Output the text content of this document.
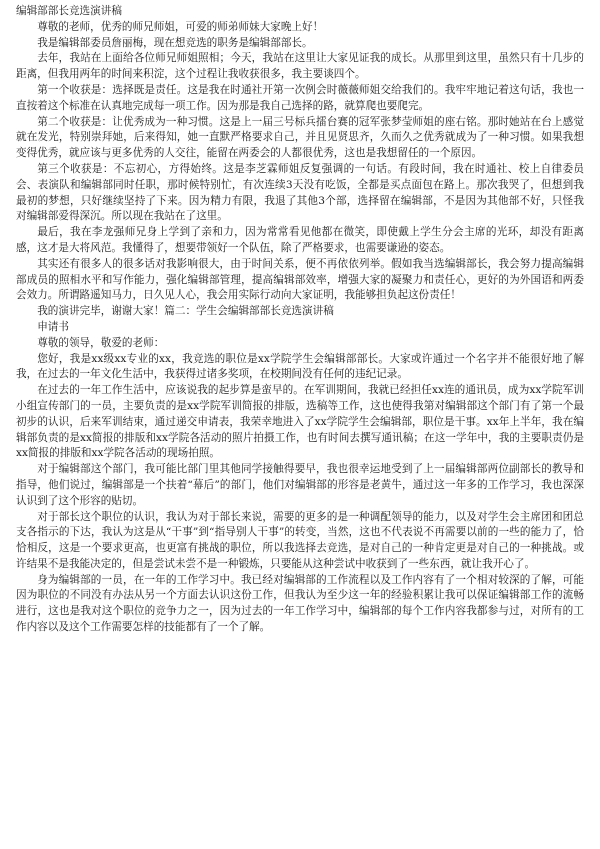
编辑部部长竞选演讲稿

尊敬的老师，优秀的师兄师姐，可爱的师弟师妹大家晚上好！

我是编辑部委员詹丽梅，现在想竞选的职务是编辑部部长。

去年，我站在上面给各位师兄师姐照相；今天，我站在这里让大家见证我的成长。从那里到这里，虽然只有十几步的距离，但我用两年的时间来积淀，这个过程让我收获很多，我主要谈四个。

第一个收获是：选择既是责任。这是我在时通社开第一次例会时薇薇师姐交给我们的。我牢牢地记着这句话，我也一直按着这个标准在认真地完成每一项工作。因为那是我自己选择的路，就算爬也要爬完。

第二个收获是：让优秀成为一种习惯。这是上一届三号标兵擂台赛的冠军张梦莹师姐的座右铭。那时她站在台上感觉就在发光，特别崇拜她，后来得知，她一直默严格要求自己，并且见贤思齐，久而久之优秀就成为了一种习惯。如果我想变得优秀，就应该与更多优秀的人交往，能留在两委会的人都很优秀，这也是我想留任的一个原因。

第三个收获是：不忘初心，方得始终。这是李芝霖师姐反复强调的一句话。有段时间，我在时通社、校上自律委员会、表演队和编辑部同时任职，那时候特别忙，有次连续3天没有吃饭，全都是买点面包在路上。那次我哭了，但想到我最初的梦想，只好继续坚持了下来。因为精力有限，我退了其他3个部，选择留在编辑部，不是因为其他部不好，只怪我对编辑部爱得深沉。所以现在我站在了这里。

最后，我在李龙强师兄身上学到了亲和力，因为常常看见他都在微笑，即使戴上学生分会主席的光环，却没有距离感，这才是大将风范。我懂得了，想要带领好一个队伍，除了严格要求，也需要谦逊的姿态。

其实还有很多人的很多话对我影响很大，由于时间关系，便不再依依列举。假如我当选编辑部长，我会努力提高编辑部成员的照相水平和写作能力，强化编辑部管理，提高编辑部效率，增强大家的凝聚力和责任心，更好的为外国语和两委会效力。所谓路遥知马力，日久见人心，我会用实际行动向大家证明，我能够担负起这份责任！

我的演讲完毕，谢谢大家！篇二：学生会编辑部部长竞选演讲稿

申请书

尊敬的领导，敬爱的老师：

您好，我是xx级xx专业的xx，我竞选的职位是xx学院学生会编辑部部长。大家或许通过一个名字并不能很好地了解我，在过去的一年文化生活中，我获得过诸多奖项，在校期间没有任何的违纪记录。

在过去的一年工作生活中，应该说我的起步算是蛮早的。在军训期间，我就已经担任xx连的通讯员，成为xx学院军训小组宣传部门的一员，主要负责的是xx学院军训简报的排版，选稿等工作，这也使得我第对编辑部这个部门有了第一个最初步的认识，后来军训结束，通过递交申请表，我荣幸地进入了xx学院学生会编辑部，职位是干事。xx年上半年，我在编辑部负责的是xx简报的排版和xx学院各活动的照片拍摄工作，也有时间去撰写通讯稿；在这一学年中，我的主要职责仍是xx简报的排版和xx学院各活动的现场拍照。

对于编辑部这个部门，我可能比部门里其他同学接触得要早，我也很幸运地受到了上一届编辑部两位副部长的教导和指导，他们说过，编辑部是一个扶着“幕后”的部门，他们对编辑部的形容是老黄牛，通过这一年多的工作学习，我也深深认识到了这个形容的贴切。

对于部长这个职位的认识，我认为对于部长来说，需要的更多的是一种调配领导的能力，以及对学生会主席团和团总支各指示的下达，我认为这是从“干事”到“指导别人干事”的转变，当然，这也不代表说不再需要以前的一些的能力了，恰恰相反，这是一个要求更高，也更富有挑战的职位，所以我选择去竞选，是对自己的一种肯定更是对自己的一种挑战。或许结果不是我能决定的，但是尝试未尝不是一种锻炼，只要能从这种尝试中收获到了一些东西，就让我开心了。

身为编辑部的一员，在一年的工作学习中。我已经对编辑部的工作流程以及工作内容有了一个相对较深的了解，可能因为职位的不同没有办法从另一个方面去认识这份工作，但我认为至少这一年的经验积累让我可以保证编辑部工作的流畅进行，这也是我对这个职位的竞争力之一，因为过去的一年工作学习中，编辑部的每个工作内容我都参与过，对所有的工作内容以及这个工作需要怎样的技能都有了一个了解。
